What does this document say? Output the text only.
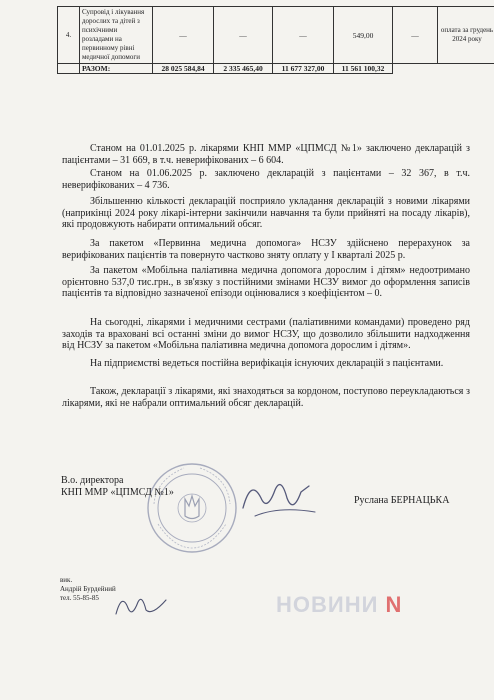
4.	Супровід і лікування дорослих та дітей з психічними розладами на первинному рівні медичної допомоги	—	—	—	549,00	—	оплата за грудень 2024 року
	РАЗОМ:	28 025 584,84	2 335 465,40	11 677 327,00	11 561 100,32		

Станом на 01.01.2025 р. лікарями КНП ММР «ЦПМСД №1» заключено декларацій з пацієнтами – 31 669, в т.ч. неверифікованих – 6 604.

Станом на 01.06.2025 р. заключено декларацій з пацієнтами – 32 367, в т.ч. неверифікованих – 4 736.

Збільшенню кількості декларацій посприяло укладання декларацій з новими лікарями (наприкінці 2024 року лікарі-інтерни закінчили навчання та були прийняті на посаду лікарів), які продовжують набирати оптимальний обсяг.

За пакетом «Первинна медична допомога» НСЗУ здійснено перерахунок за верифікованих пацієнтів та повернуто частково зняту оплату у І кварталі 2025 р.

За пакетом «Мобільна паліативна медична допомога дорослим і дітям» недоотримано орієнтовно 537,0 тис.грн., в зв'язку з постійними змінами НСЗУ вимог до оформлення записів пацієнтів та відповідно зазначеної епізоди оцінювалися з коефіцієнтом – 0.

На сьогодні, лікарями і медичними сестрами (паліативними командами) проведено ряд заходів та враховані всі останні зміни до вимог НСЗУ, що дозволило збільшити надходження від НСЗУ за пакетом «Мобільна паліативна медична допомога дорослим і дітям».

На підприємстві ведеться постійна верифікація існуючих декларацій з пацієнтами.

Також, декларації з лікарями, які знаходяться за кордоном, поступово переукладаються з лікарями, які не набрали оптимальний обсяг декларацій.

В.о. директора
КНП ММР «ЦПМСД №1»
Руслана БЕРНАЦЬКА
вик.
Андрій Бурдейний
тел. 55-85-85	НОВИНИ N
